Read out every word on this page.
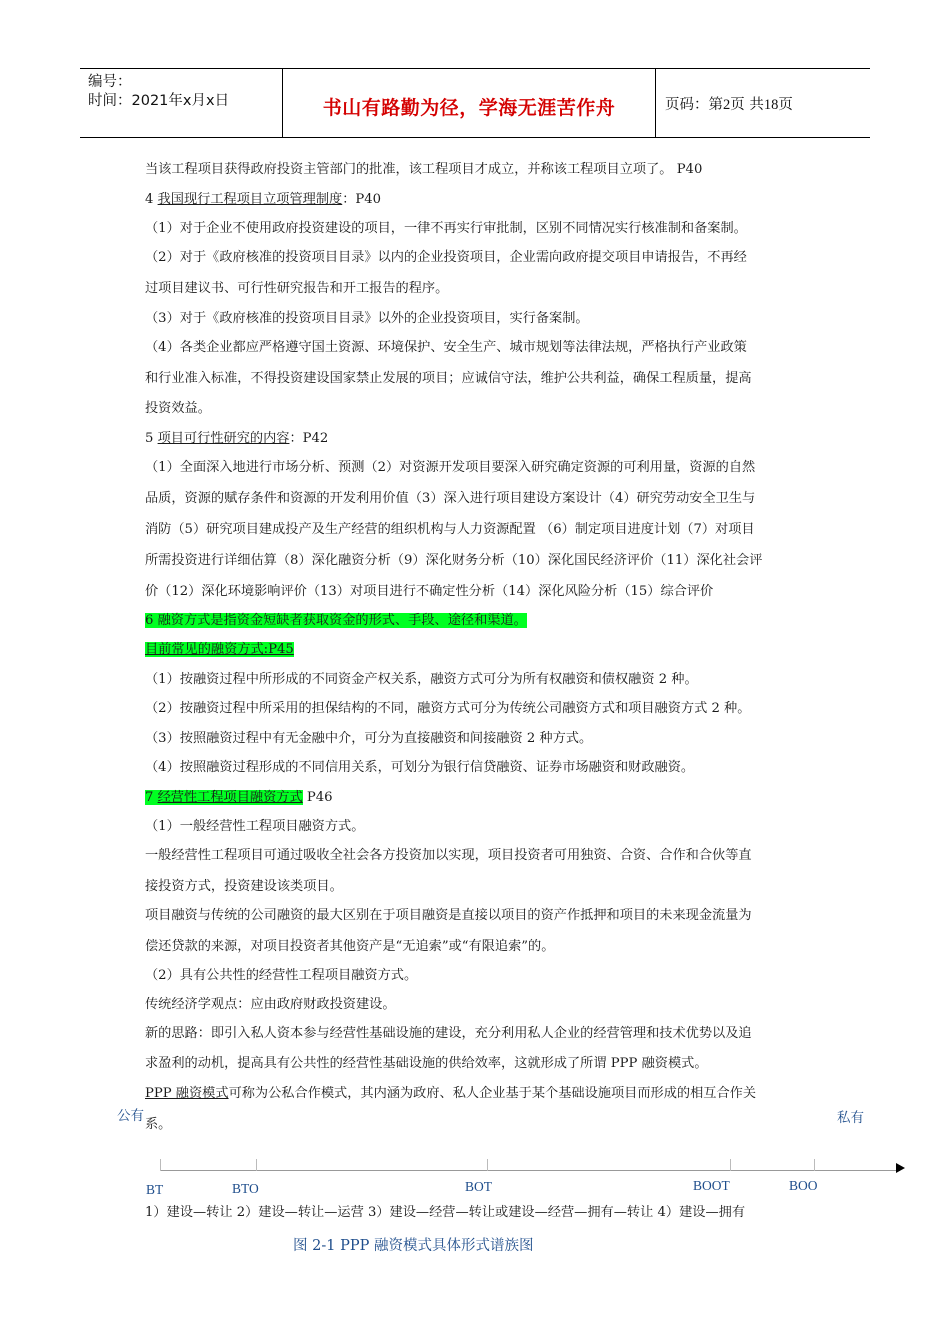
编号：
时间：2021年x月x日	书山有路勤为径，学海无涯苦作舟	页码：第2页 共18页
当该工程项目获得政府投资主管部门的批准，该工程项目才成立，并称该工程项目立项了。 P40
4 我国现行工程项目立项管理制度：P40
（1）对于企业不使用政府投资建设的项目，一律不再实行审批制，区别不同情况实行核准制和备案制。
（2）对于《政府核准的投资项目目录》以内的企业投资项目，企业需向政府提交项目申请报告，不再经
过项目建议书、可行性研究报告和开工报告的程序。
（3）对于《政府核准的投资项目目录》以外的企业投资项目，实行备案制。
（4）各类企业都应严格遵守国土资源、环境保护、安全生产、城市规划等法律法规，严格执行产业政策
和行业准入标准，不得投资建设国家禁止发展的项目；应诚信守法，维护公共利益，确保工程质量，提高
投资效益。
5 项目可行性研究的内容：P42
（1）全面深入地进行市场分析、预测（2）对资源开发项目要深入研究确定资源的可利用量，资源的自然
品质，资源的赋存条件和资源的开发利用价值（3）深入进行项目建设方案设计（4）研究劳动安全卫生与
消防（5）研究项目建成投产及生产经营的组织机构与人力资源配置 （6）制定项目进度计划（7）对项目
所需投资进行详细估算（8）深化融资分析（9）深化财务分析（10）深化国民经济评价（11）深化社会评
价（12）深化环境影响评价（13）对项目进行不确定性分析（14）深化风险分析（15）综合评价
6 融资方式是指资金短缺者获取资金的形式、手段、途径和渠道。
目前常见的融资方式:P45
（1）按融资过程中所形成的不同资金产权关系，融资方式可分为所有权融资和债权融资 2 种。
（2）按融资过程中所采用的担保结构的不同，融资方式可分为传统公司融资方式和项目融资方式 2 种。
（3）按照融资过程中有无金融中介，可分为直接融资和间接融资 2 种方式。
（4）按照融资过程形成的不同信用关系，可划分为银行信贷融资、证券市场融资和财政融资。
7 经营性工程项目融资方式 P46
（1）一般经营性工程项目融资方式。
一般经营性工程项目可通过吸收全社会各方投资加以实现，项目投资者可用独资、合资、合作和合伙等直
接投资方式，投资建设该类项目。
项目融资与传统的公司融资的最大区别在于项目融资是直接以项目的资产作抵押和项目的未来现金流量为
偿还贷款的来源，对项目投资者其他资产是“无追索”或“有限追索”的。
（2）具有公共性的经营性工程项目融资方式。
传统经济学观点：应由政府财政投资建设。
新的思路：即引入私人资本参与经营性基础设施的建设，充分利用私人企业的经营管理和技术优势以及追
求盈利的动机，提高具有公共性的经营性基础设施的供给效率，这就形成了所谓 PPP 融资模式。
PPP 融资模式可称为公私合作模式，其内涵为政府、私人企业基于某个基础设施项目而形成的相互合作关
系。
公有	私有
BT	BTO	BOT	BOOT	BOO
1）建设—转让 2）建设—转让—运营 3）建设—经营—转让或建设—经营—拥有—转让 4）建设—拥有
图 2-1 PPP 融资模式具体形式谱族图
